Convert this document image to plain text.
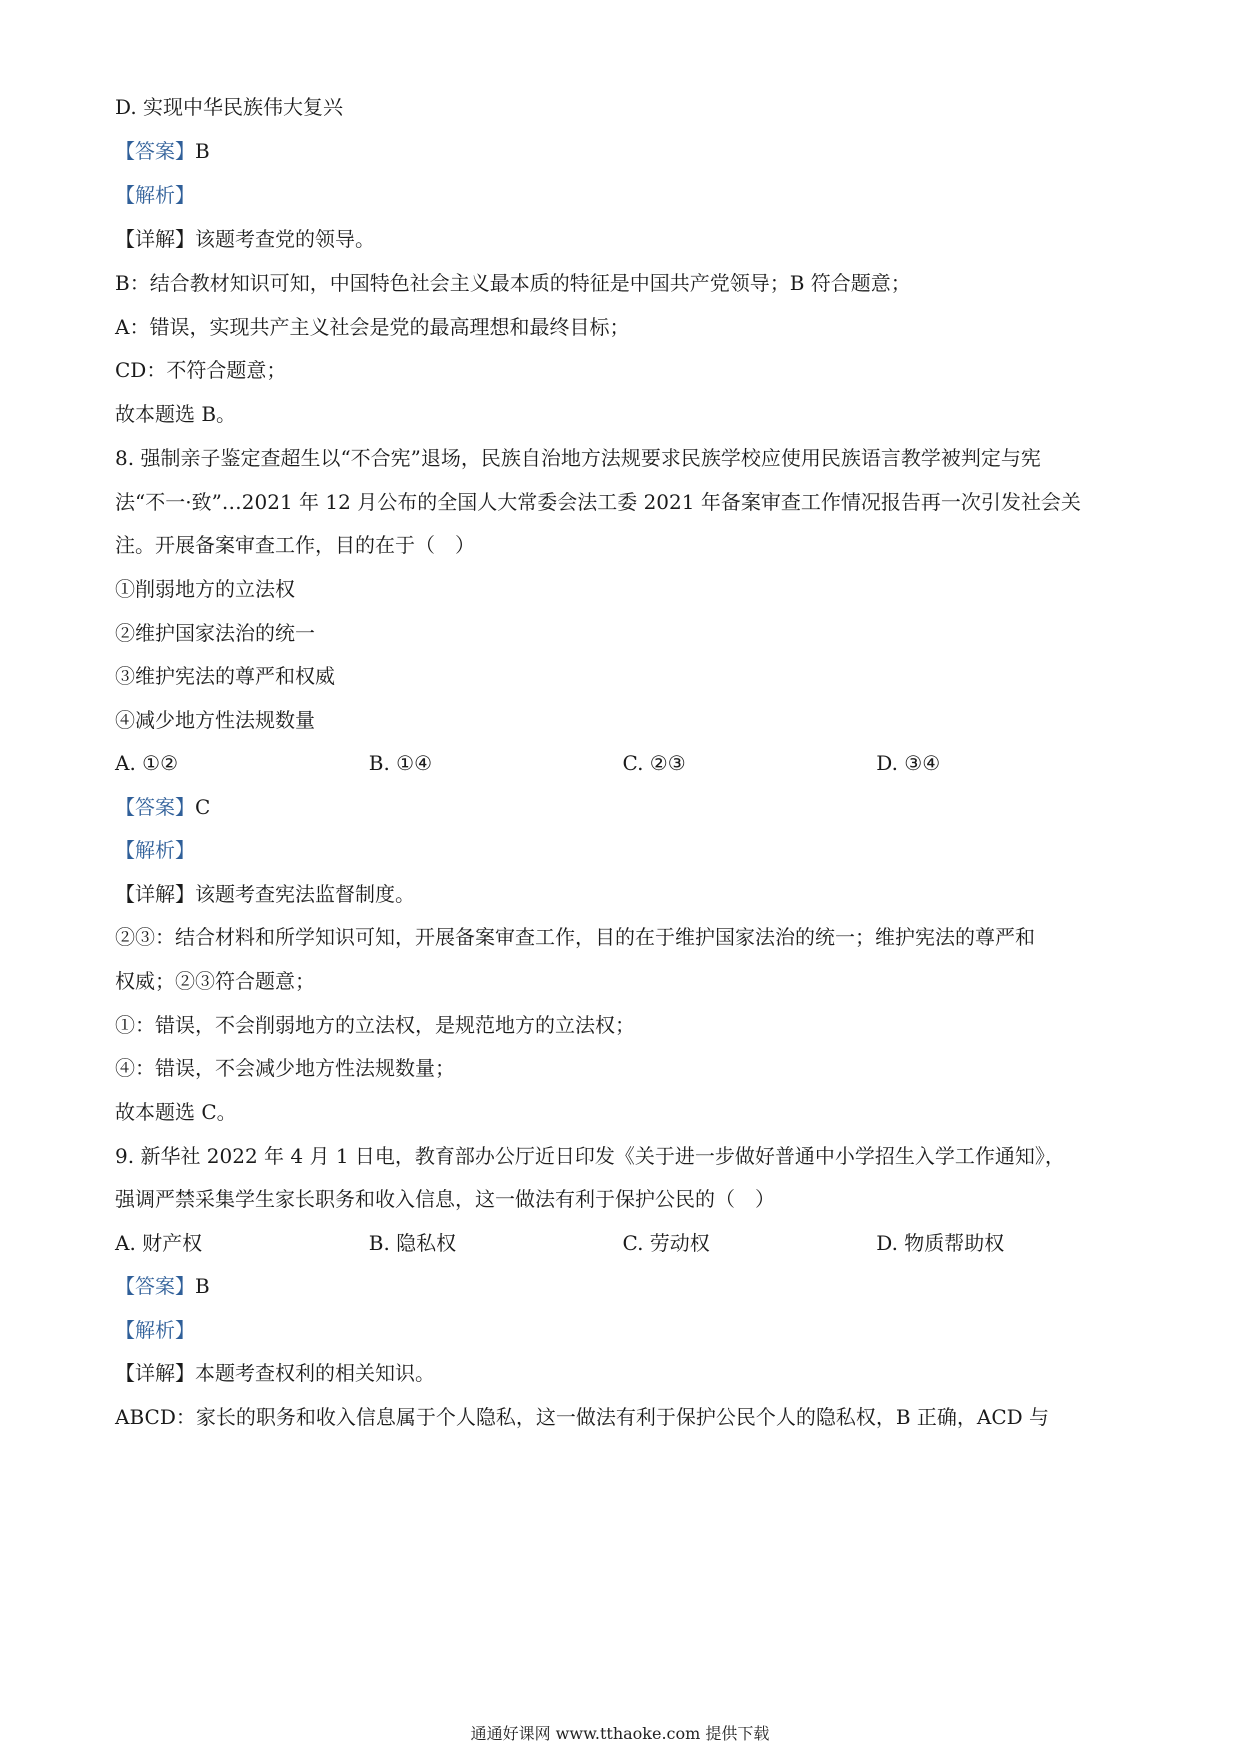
D. 实现中华民族伟大复兴
【答案】B
【解析】
【详解】该题考查党的领导。
B：结合教材知识可知，中国特色社会主义最本质的特征是中国共产党领导；B 符合题意；
A：错误，实现共产主义社会是党的最高理想和最终目标；
CD：不符合题意；
故本题选 B。
8. 强制亲子鉴定查超生以“不合宪”退场，民族自治地方法规要求民族学校应使用民族语言教学被判定与宪
法“不一·致”…2021 年 12 月公布的全国人大常委会法工委 2021 年备案审查工作情况报告再一次引发社会关
注。开展备案审查工作，目的在于（　）
①削弱地方的立法权
②维护国家法治的统一
③维护宪法的尊严和权威
④减少地方性法规数量
A. ①②	B. ①④	C. ②③	D. ③④
【答案】C
【解析】
【详解】该题考查宪法监督制度。
②③：结合材料和所学知识可知，开展备案审查工作，目的在于维护国家法治的统一；维护宪法的尊严和
权威；②③符合题意；
①：错误，不会削弱地方的立法权，是规范地方的立法权；
④：错误，不会减少地方性法规数量；
故本题选 C。
9. 新华社 2022 年 4 月 1 日电，教育部办公厅近日印发《关于进一步做好普通中小学招生入学工作通知》，
强调严禁采集学生家长职务和收入信息，这一做法有利于保护公民的（　）
A. 财产权	B. 隐私权	C. 劳动权	D. 物质帮助权
【答案】B
【解析】
【详解】本题考查权利的相关知识。
ABCD：家长的职务和收入信息属于个人隐私，这一做法有利于保护公民个人的隐私权，B 正确，ACD 与
通通好课网 www.tthaoke.com 提供下载
